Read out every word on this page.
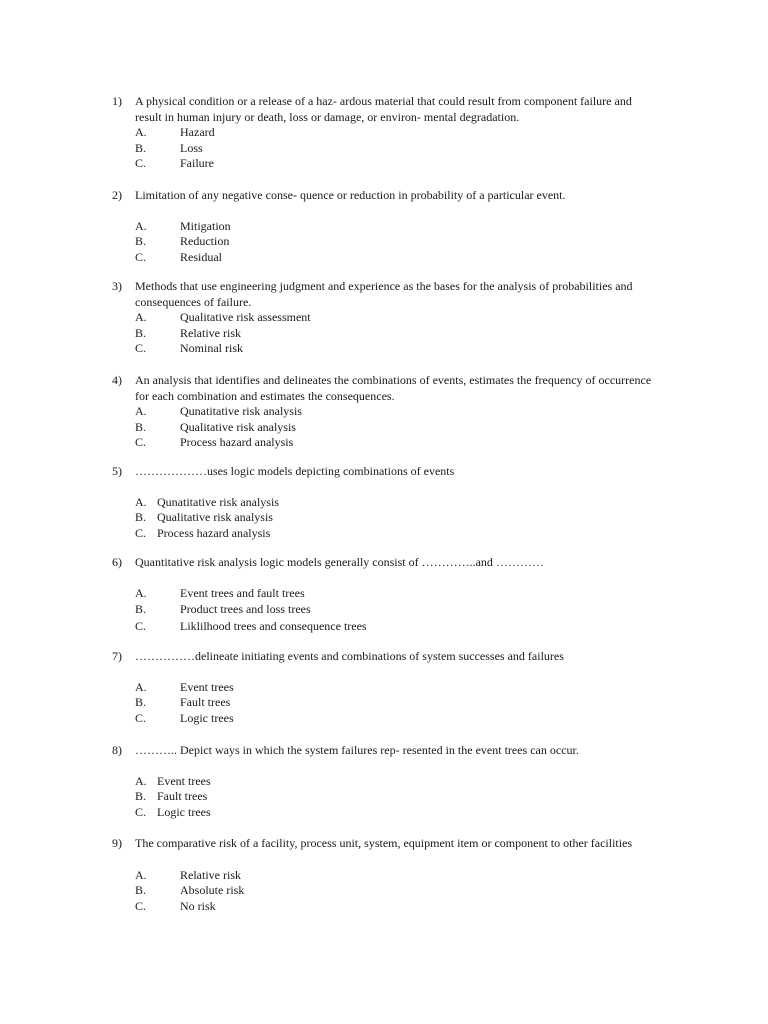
1) A physical condition or a release of a haz- ardous material that could result from component failure and result in human injury or death, loss or damage, or environ- mental degradation.
A.	Hazard
B.	Loss
C.	Failure
2) Limitation of any negative conse- quence or reduction in probability of a particular event.
A.	Mitigation
B.	Reduction
C.	Residual
3) Methods that use engineering judgment and experience as the bases for the analysis of probabilities and consequences of failure.
A.	Qualitative risk assessment
B.	Relative risk
C.	Nominal risk
4) An analysis that identifies and delineates the combinations of events, estimates the frequency of occurrence for each combination and estimates the consequences.
A.	Qunatitative risk analysis
B.	Qualitative risk analysis
C.	Process hazard analysis
5) ………………uses logic models depicting combinations of events
A. Qunatitative risk analysis
B. Qualitative risk analysis
C. Process hazard analysis
6) Quantitative risk analysis logic models generally consist of …………..and …………
A.	Event trees and fault trees
B.	Product trees and loss trees
C.	Liklilhood trees and consequence trees
7) ……………delineate initiating events and combinations of system successes and failures
A.	Event trees
B.	Fault trees
C.	Logic trees
8) ……….. Depict ways in which the system failures rep- resented in the event trees can occur.
A. Event trees
B. Fault trees
C. Logic trees
9) The comparative risk of a facility, process unit, system, equipment item or component to other facilities
A.	Relative risk
B.	Absolute risk
C.	No risk
